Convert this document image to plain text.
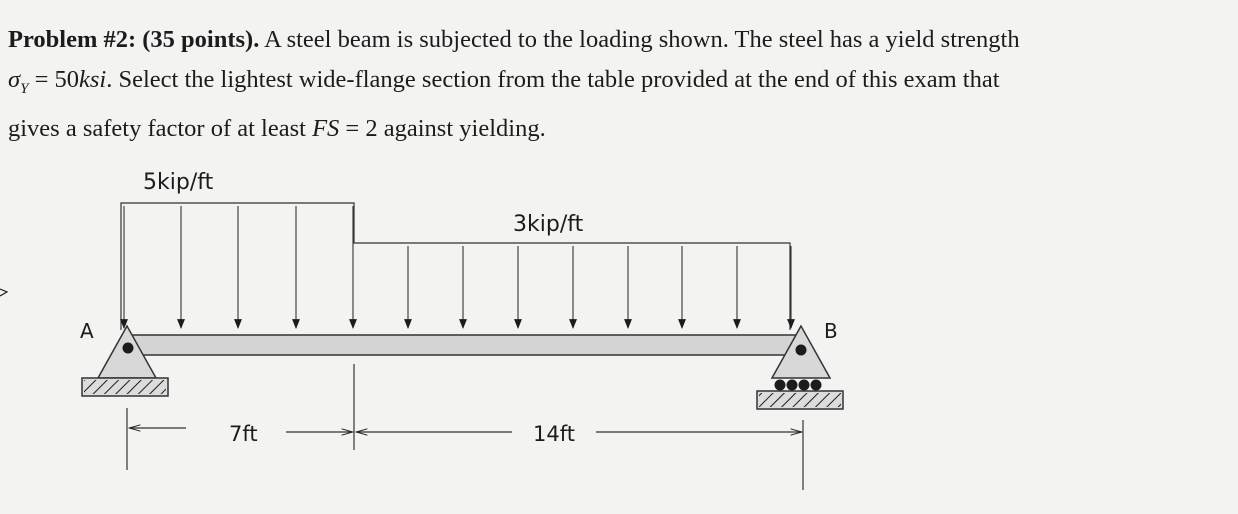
Problem #2: (35 points). A steel beam is subjected to the loading shown. The steel has a yield strength
$\sigma_Y = 50ksi$. Select the lightest wide-flange section from the table provided at the end of this exam that
gives a safety factor of at least FS = 2 against yielding.
5kip/ft
3kip/ft
A	B
7ft	14ft
